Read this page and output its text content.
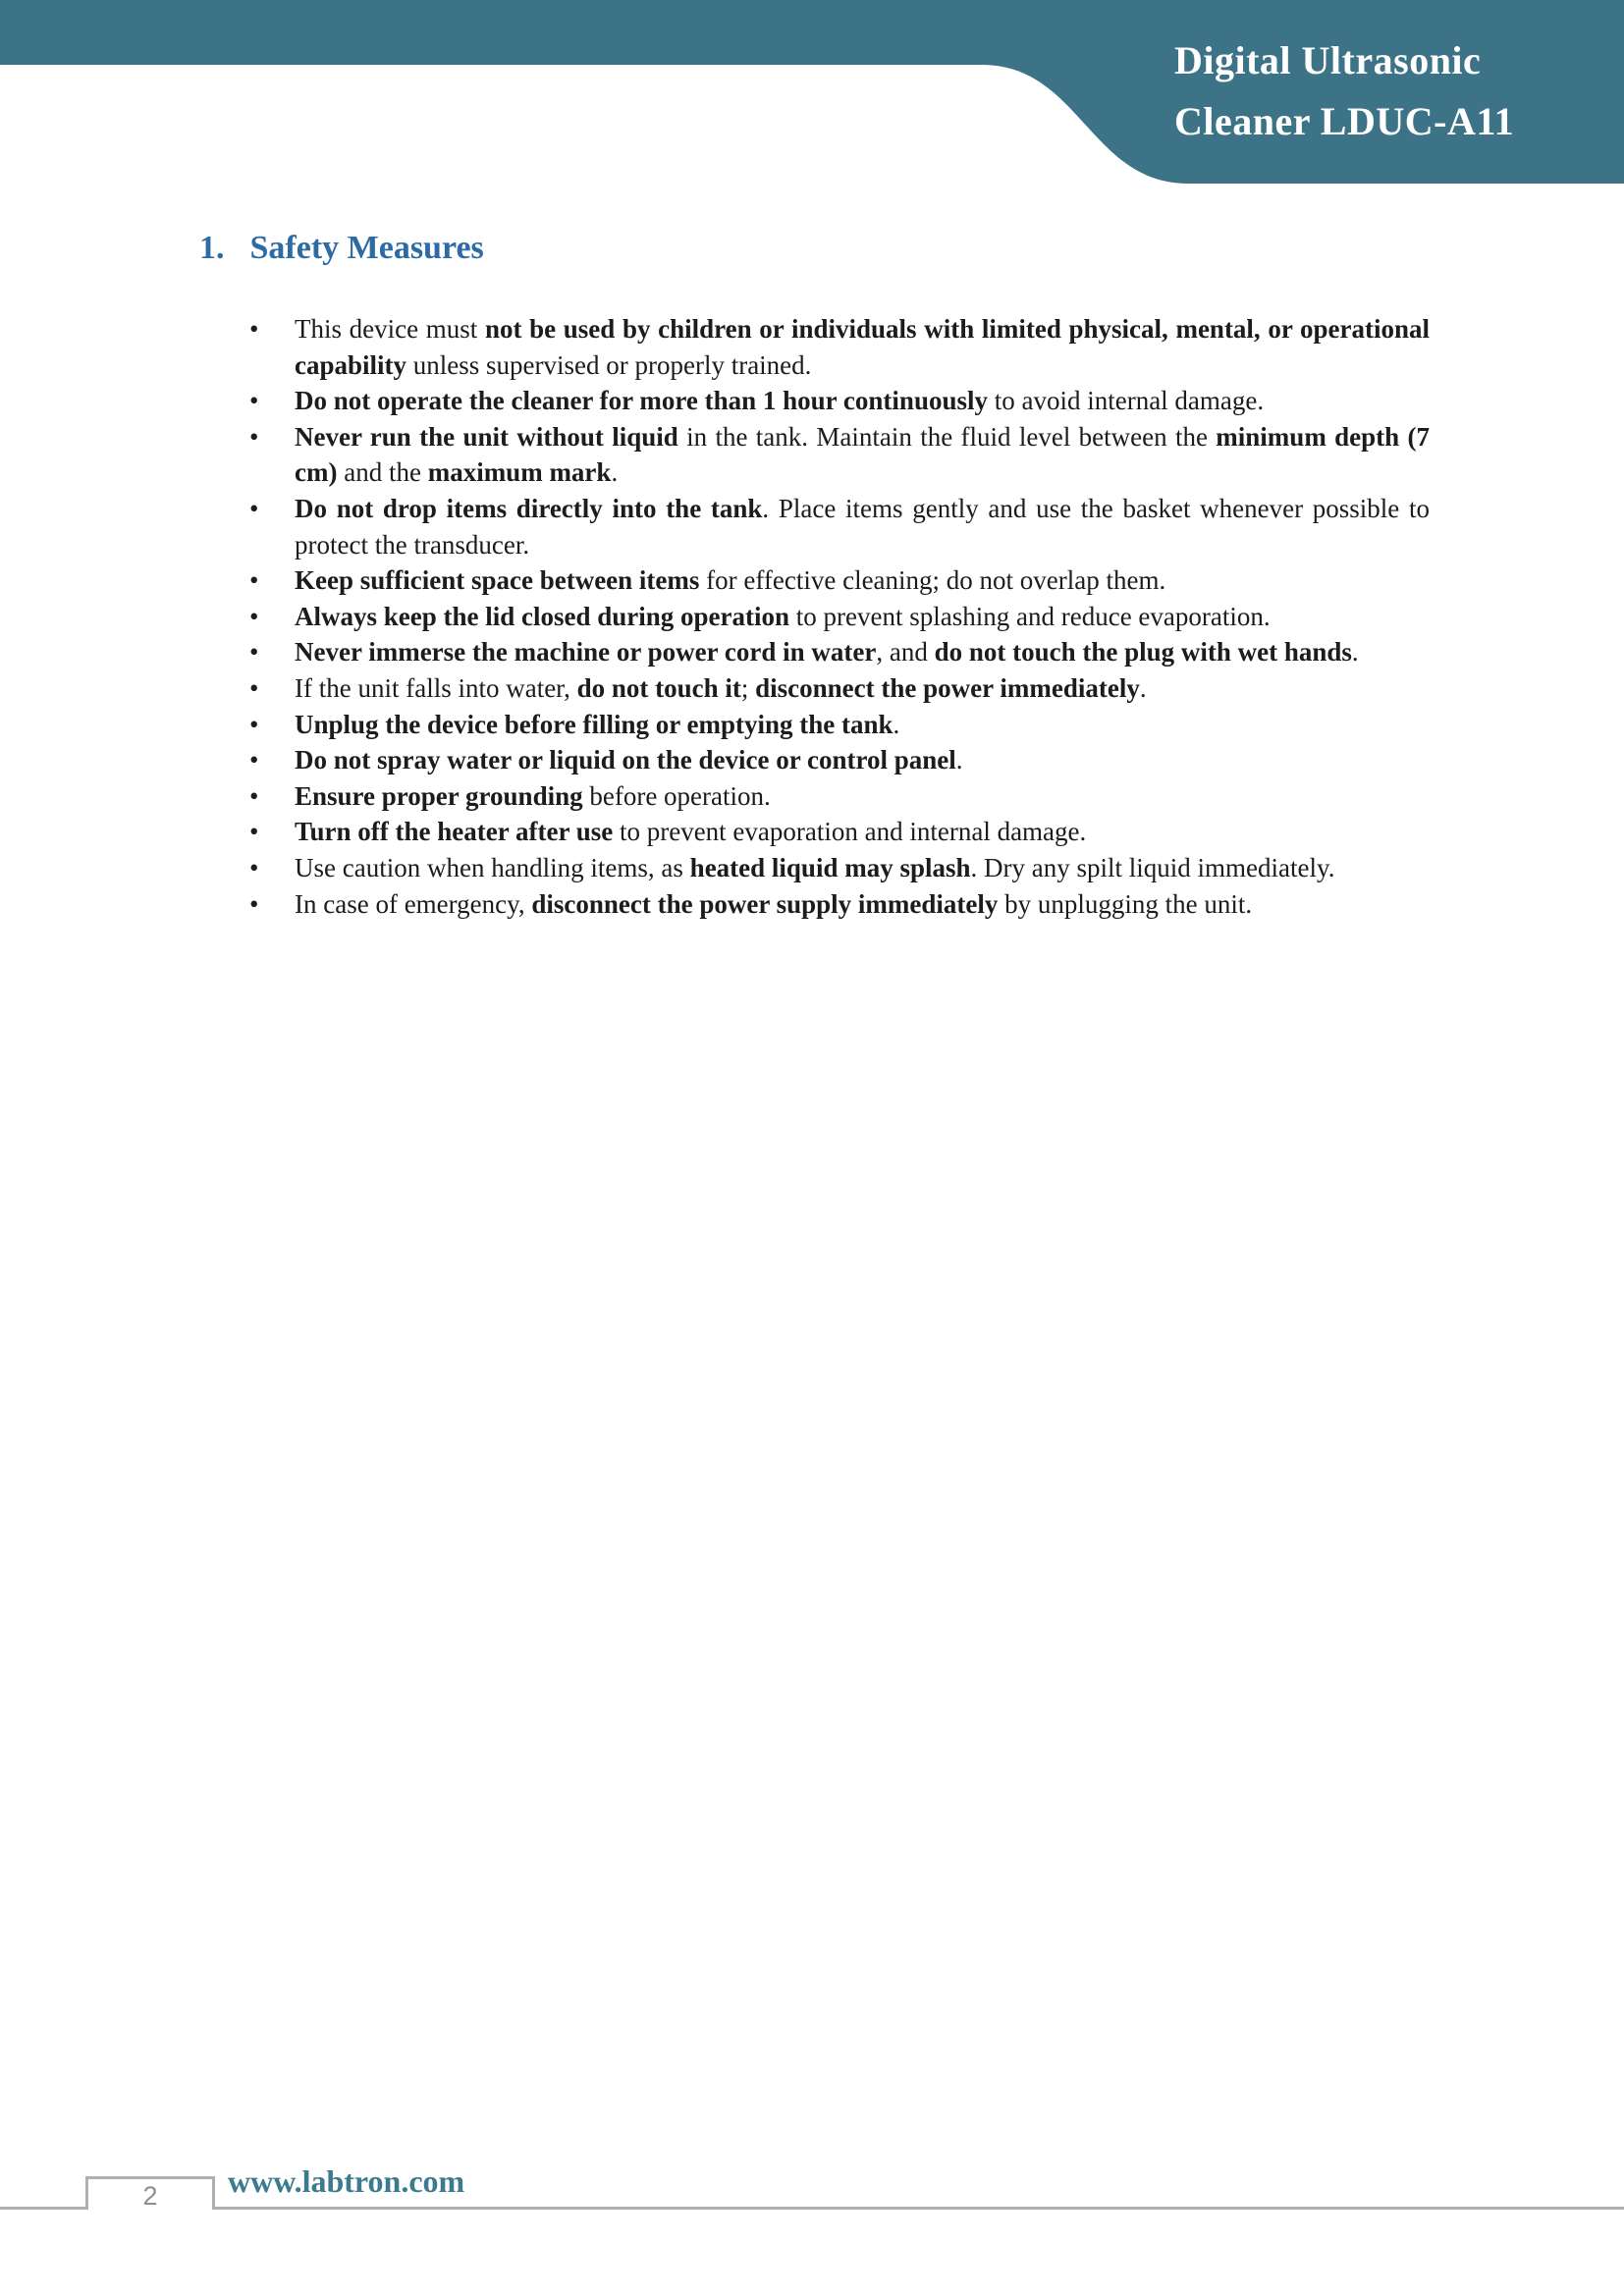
Digital Ultrasonic
Cleaner LDUC-A11
1. Safety Measures
• This device must not be used by children or individuals with limited physical, mental, or operational capability unless supervised or properly trained.
• Do not operate the cleaner for more than 1 hour continuously to avoid internal damage.
• Never run the unit without liquid in the tank. Maintain the fluid level between the minimum depth (7 cm) and the maximum mark.
• Do not drop items directly into the tank. Place items gently and use the basket whenever possible to protect the transducer.
• Keep sufficient space between items for effective cleaning; do not overlap them.
• Always keep the lid closed during operation to prevent splashing and reduce evaporation.
• Never immerse the machine or power cord in water, and do not touch the plug with wet hands.
• If the unit falls into water, do not touch it; disconnect the power immediately.
• Unplug the device before filling or emptying the tank.
• Do not spray water or liquid on the device or control panel.
• Ensure proper grounding before operation.
• Turn off the heater after use to prevent evaporation and internal damage.
• Use caution when handling items, as heated liquid may splash. Dry any spilt liquid immediately.
• In case of emergency, disconnect the power supply immediately by unplugging the unit.
2 www.labtron.com
